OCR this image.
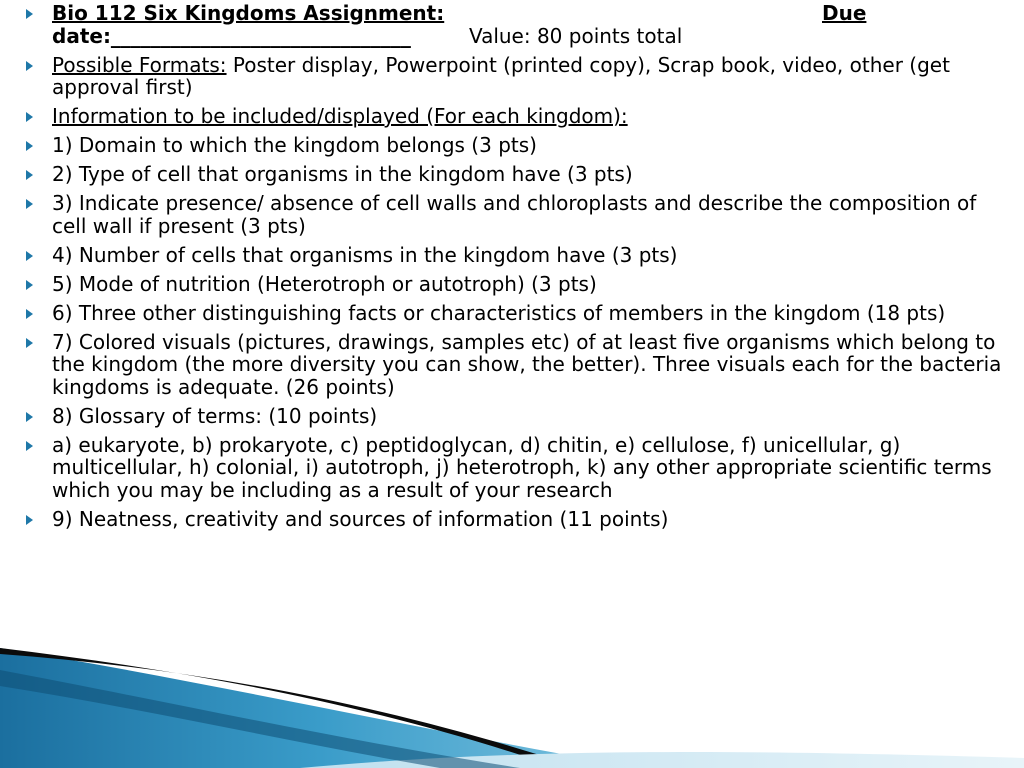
Bio 112 Six Kingdoms Assignment:	Due
date:______________________________	Value: 80 points total
Possible Formats: Poster display, Powerpoint (printed copy), Scrap book, video, other (get approval first)
Information to be included/displayed (For each kingdom):
1) Domain to which the kingdom belongs (3 pts)
2) Type of cell that organisms in the kingdom have (3 pts)
3) Indicate presence/ absence of cell walls and chloroplasts and describe the composition of cell wall if present (3 pts)
4) Number of cells that organisms in the kingdom have (3 pts)
5) Mode of nutrition (Heterotroph or autotroph) (3 pts)
6) Three other distinguishing facts or characteristics of members in the kingdom (18 pts)
7) Colored visuals (pictures, drawings, samples etc) of at least five organisms which belong to the kingdom (the more diversity you can show, the better). Three visuals each for the bacteria kingdoms is adequate. (26 points)
8) Glossary of terms: (10 points)
a) eukaryote, b) prokaryote, c) peptidoglycan, d) chitin, e) cellulose, f) unicellular, g) multicellular, h) colonial, i) autotroph, j) heterotroph, k) any other appropriate scientific terms which you may be including as a result of your research
9) Neatness, creativity and sources of information (11 points)
